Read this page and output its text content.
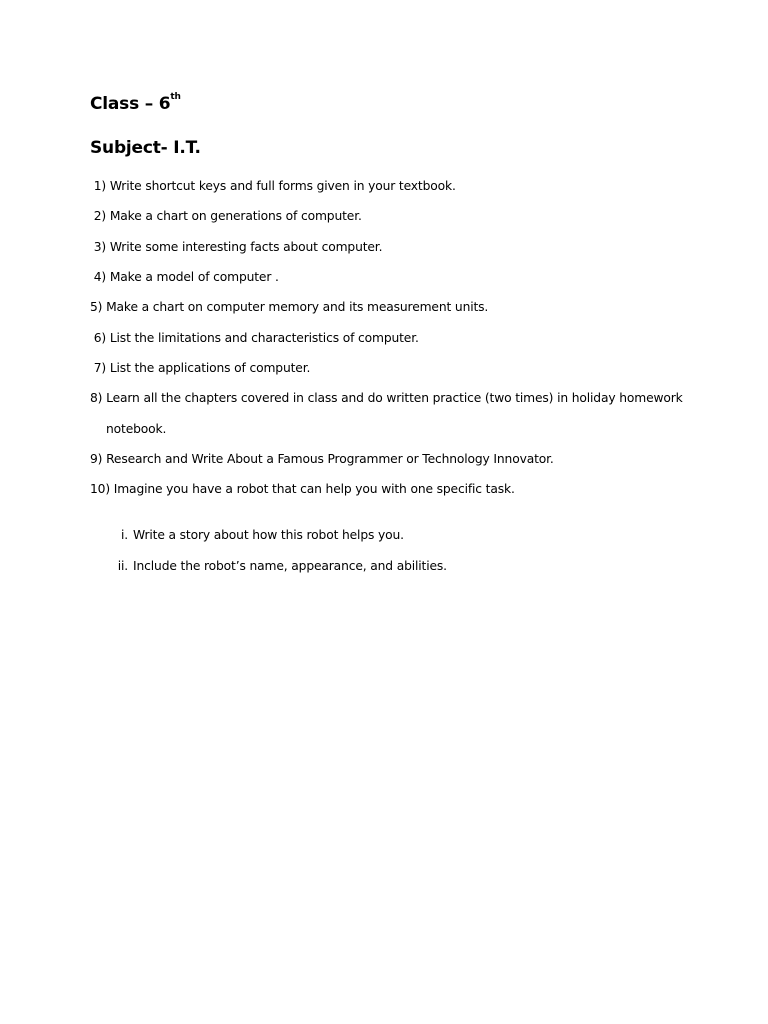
Class – 6th
Subject- I.T.
1) Write shortcut keys and full forms given in your textbook.
2) Make a chart on generations of computer.
3) Write some interesting facts about computer.
4) Make a model of computer .
5) Make a chart on computer memory and its measurement units.
6) List the limitations and characteristics of computer.
7) List the applications of computer.
8) Learn all the chapters covered in class and do written practice (two times) in holiday homework
notebook.
9) Research and Write About a Famous Programmer or Technology Innovator.
10) Imagine you have a robot that can help you with one specific task.

i. Write a story about how this robot helps you.

ii. Include the robot’s name, appearance, and abilities.
